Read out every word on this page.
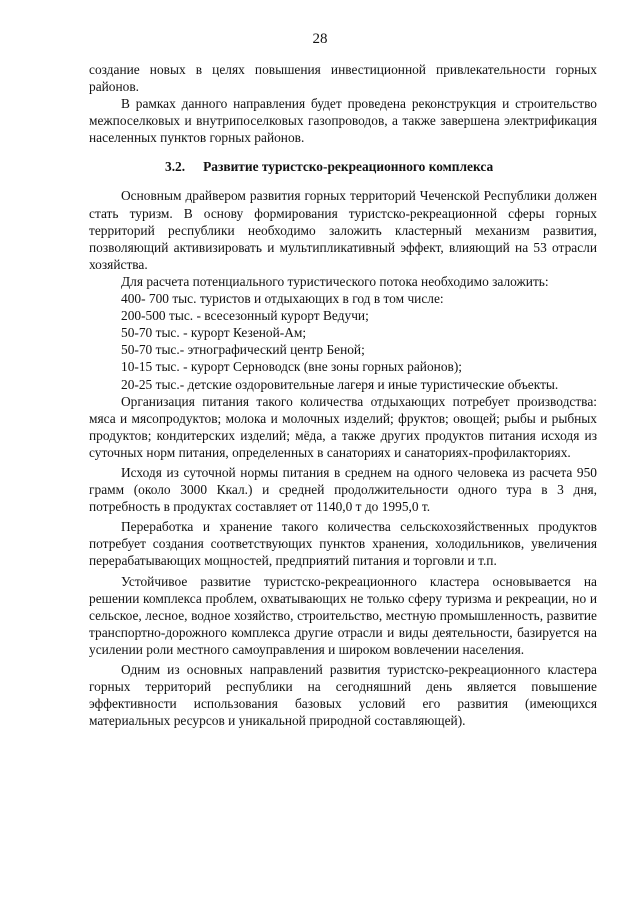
28

создание новых в целях повышения инвестиционной привлекательности горных районов.

В рамках данного направления будет проведена реконструкция и строительство межпоселковых и внутрипоселковых газопроводов, а также завершена электрификация населенных пунктов горных районов.

3.2. Развитие туристско-рекреационного комплекса

Основным драйвером развития горных территорий Чеченской Республики должен стать туризм. В основу формирования туристско-рекреационной сферы горных территорий республики необходимо заложить кластерный механизм развития, позволяющий активизировать и мультипликативный эффект, влияющий на 53 отрасли хозяйства.

Для расчета потенциального туристического потока необходимо заложить:

400- 700 тыс. туристов и отдыхающих в год в том числе:

200-500 тыс. - всесезонный курорт Ведучи;

50-70 тыс. - курорт Кезеной-Ам;

50-70 тыс.- этнографический центр Беной;

10-15 тыс. - курорт Серноводск (вне зоны горных районов);

20-25 тыс.- детские оздоровительные лагеря и иные туристические объекты.

Организация питания такого количества отдыхающих потребует производства: мяса и мясопродуктов; молока и молочных изделий; фруктов; овощей; рыбы и рыбных продуктов; кондитерских изделий; мёда, а также других продуктов питания исходя из суточных норм питания, определенных в санаториях и санаториях-профилакториях.

Исходя из суточной нормы питания в среднем на одного человека из расчета 950 грамм (около 3000 Ккал.) и средней продолжительности одного тура в 3 дня, потребность в продуктах составляет от 1140,0 т до 1995,0 т.

Переработка и хранение такого количества сельскохозяйственных продуктов потребует создания соответствующих пунктов хранения, холодильников, увеличения перерабатывающих мощностей, предприятий питания и торговли и т.п.

Устойчивое развитие туристско-рекреационного кластера основывается на решении комплекса проблем, охватывающих не только сферу туризма и рекреации, но и сельское, лесное, водное хозяйство, строительство, местную промышленность, развитие транспортно-дорожного комплекса другие отрасли и виды деятельности, базируется на усилении роли местного самоуправления и широком вовлечении населения.

Одним из основных направлений развития туристско-рекреационного кластера горных территорий республики на сегодняшний день является повышение эффективности использования базовых условий его развития (имеющихся материальных ресурсов и уникальной природной составляющей).
